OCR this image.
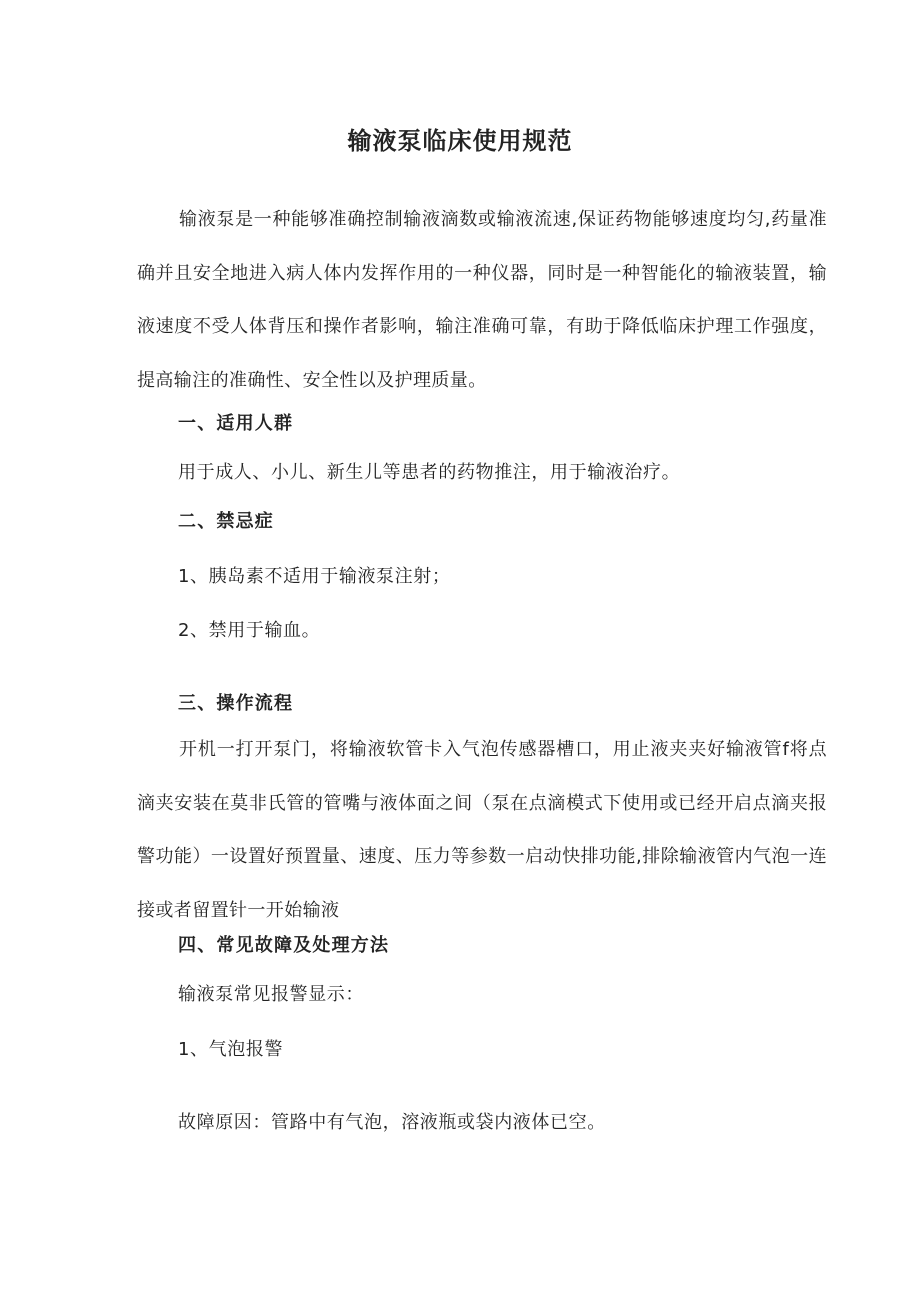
输液泵临床使用规范
输液泵是一种能够准确控制输液滴数或输液流速,保证药物能够速度均匀,药量准确并且安全地进入病人体内发挥作用的一种仪器，同时是一种智能化的输液装置，输液速度不受人体背压和操作者影响，输注准确可靠，有助于降低临床护理工作强度，提高输注的准确性、安全性以及护理质量。
一、适用人群
用于成人、小儿、新生儿等患者的药物推注，用于输液治疗。
二、禁忌症
1、胰岛素不适用于输液泵注射；
2、禁用于输血。
三、操作流程
开机一打开泵门，将输液软管卡入气泡传感器槽口，用止液夹夹好输液管f将点滴夹安装在莫非氏管的管嘴与液体面之间（泵在点滴模式下使用或已经开启点滴夹报警功能）一设置好预置量、速度、压力等参数一启动快排功能,排除输液管内气泡一连接或者留置针一开始输液
四、常见故障及处理方法
输液泵常见报警显示：
1、气泡报警
故障原因：管路中有气泡，溶液瓶或袋内液体已空。
